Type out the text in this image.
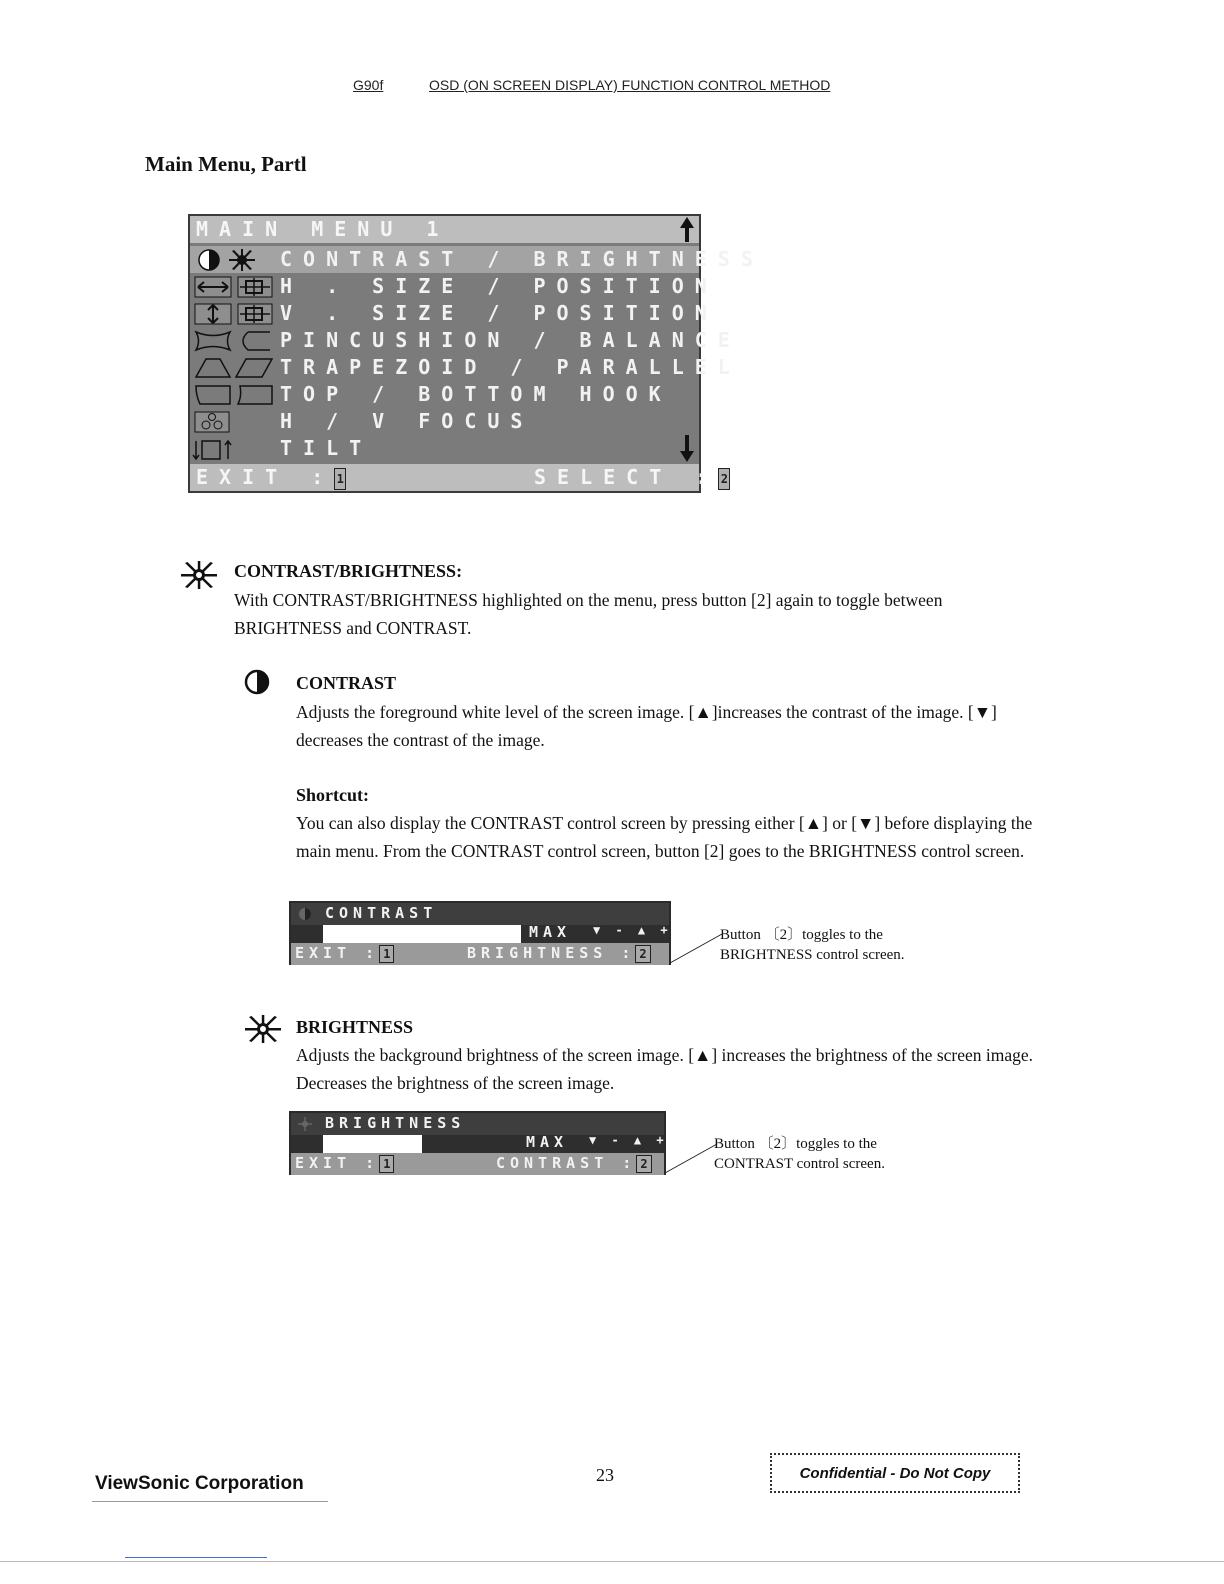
G90f	OSD (ON SCREEN DISPLAY) FUNCTION CONTROL METHOD
Main Menu, Partl
MAIN MENU 1
CONTRAST / BRIGHTNESS
H . SIZE / POSITION
V . SIZE / POSITION
PINCUSHION / BALANCE
TRAPEZOID / PARALLEL
TOP / BOTTOM HOOK
H / V FOCUS
TILT
EXIT : 1	SELECT : 2
CONTRAST/BRIGHTNESS:
With CONTRAST/BRIGHTNESS highlighted on the menu, press button [2] again to toggle between BRIGHTNESS and CONTRAST.
CONTRAST
Adjusts the foreground white level of the screen image. [▲]increases the contrast of the image. [▼] decreases the contrast of the image.
Shortcut:
You can also display the CONTRAST control screen by pressing either [▲] or [▼] before displaying the main menu. From the CONTRAST control screen, button [2] goes to the BRIGHTNESS control screen.
CONTRAST
MAX ▼ - ▲ +
EXIT : 1	BRIGHTNESS : 2
Button 〔2〕toggles to the
BRIGHTNESS control screen.
BRIGHTNESS
Adjusts the background brightness of the screen image. [▲] increases the brightness of the screen image. Decreases the brightness of the screen image.
BRIGHTNESS
MAX ▼ - ▲ +
EXIT : 1	CONTRAST : 2
Button 〔2〕toggles to the
CONTRAST control screen.
ViewSonic Corporation	23	Confidential - Do Not Copy
